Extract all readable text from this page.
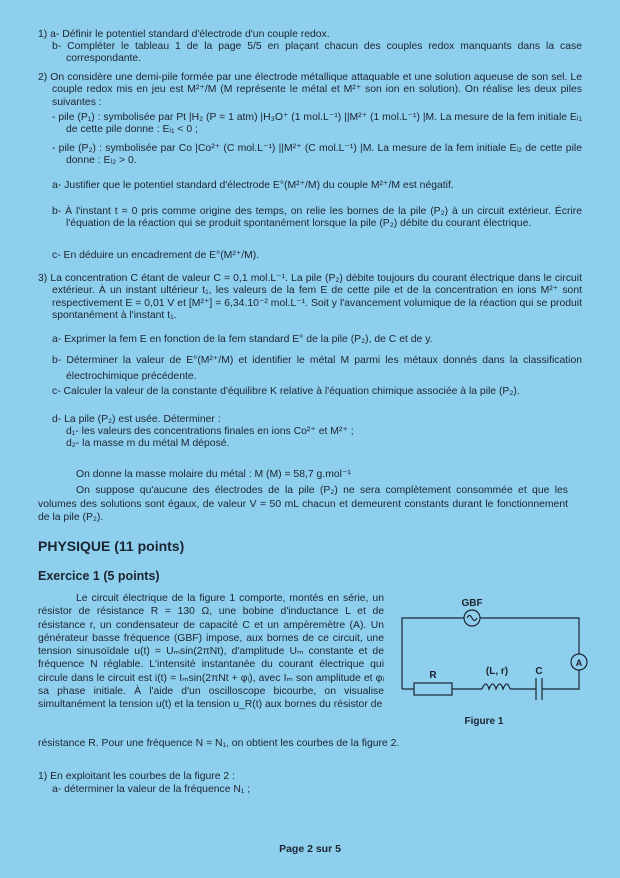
1) a- Définir le potentiel standard d'électrode d'un couple redox.
b- Compléter le tableau 1 de la page 5/5 en plaçant chacun des couples redox manquants dans la case correspondante.
2) On considère une demi-pile formée par une électrode métallique attaquable et une solution aqueuse de son sel. Le couple redox mis en jeu est M²⁺/M (M représente le métal et M²⁺ son ion en solution). On réalise les deux piles suivantes :
- pile (P₁) : symbolisée par Pt |H₂ (P = 1 atm) |H₃O⁺ (1 mol.L⁻¹) ||M²⁺ (1 mol.L⁻¹) |M. La mesure de la fem initiale Eᵢ₁ de cette pile donne : Eᵢ₁ < 0 ;
- pile (P₂) : symbolisée par Co |Co²⁺ (C mol.L⁻¹) ||M²⁺ (C mol.L⁻¹) |M. La mesure de la fem initiale Eᵢ₂ de cette pile donne : Eᵢ₂ > 0.
a- Justifier que le potentiel standard d'électrode E°(M²⁺/M) du couple M²⁺/M est négatif.
b- À l'instant t = 0 pris comme origine des temps, on relie les bornes de la pile (P₂) à un circuit extérieur. Écrire l'équation de la réaction qui se produit spontanément lorsque la pile (P₂) débite du courant électrique.
c- En déduire un encadrement de E°(M²⁺/M).
3) La concentration C étant de valeur C = 0,1 mol.L⁻¹. La pile (P₂) débite toujours du courant électrique dans le circuit extérieur. À un instant ultérieur t₁, les valeurs de la fem E de cette pile et de la concentration en ions M²⁺ sont respectivement E = 0,01 V et [M²⁺] = 6,34.10⁻² mol.L⁻¹. Soit y l'avancement volumique de la réaction qui se produit spontanément à l'instant t₁.
a- Exprimer la fem E en fonction de la fem standard E° de la pile (P₂), de C et de y.
b- Déterminer la valeur de E°(M²⁺/M) et identifier le métal M parmi les métaux donnés dans la classification électrochimique précédente.
c- Calculer la valeur de la constante d'équilibre K relative à l'équation chimique associée à la pile (P₂).
d- La pile (P₂) est usée. Déterminer :
d₁- les valeurs des concentrations finales en ions Co²⁺ et M²⁺ ;
d₂- la masse m du métal M déposé.
On donne la masse molaire du métal : M (M) = 58,7 g.mol⁻¹
On suppose qu'aucune des électrodes de la pile (P₂) ne sera complètement consommée et que les volumes des solutions sont égaux, de valeur V = 50 mL chacun et demeurent constants durant le fonctionnement de la pile (P₂).
PHYSIQUE (11 points)
Exercice 1 (5 points)
Le circuit électrique de la figure 1 comporte, montés en série, un résistor de résistance R = 130 Ω, une bobine d'inductance L et de résistance r, un condensateur de capacité C et un ampèremètre (A). Un générateur basse fréquence (GBF) impose, aux bornes de ce circuit, une tension sinusoïdale u(t) = Uₘsin(2πNt), d'amplitude Uₘ constante et de fréquence N réglable. L'intensité instantanée du courant électrique qui circule dans le circuit est i(t) = Iₘsin(2πNt + φᵢ), avec Iₘ son amplitude et φᵢ sa phase initiale. À l'aide d'un oscilloscope bicourbe, on visualise simultanément la tension u(t) et la tension u_R(t) aux bornes du résistor de
résistance R. Pour une fréquence N = N₁, on obtient les courbes de la figure 2.
GBF
A
R	(L, r)	C
Figure 1
1) En exploitant les courbes de la figure 2 :
a- déterminer la valeur de la fréquence N₁ ;
Page 2 sur 5
